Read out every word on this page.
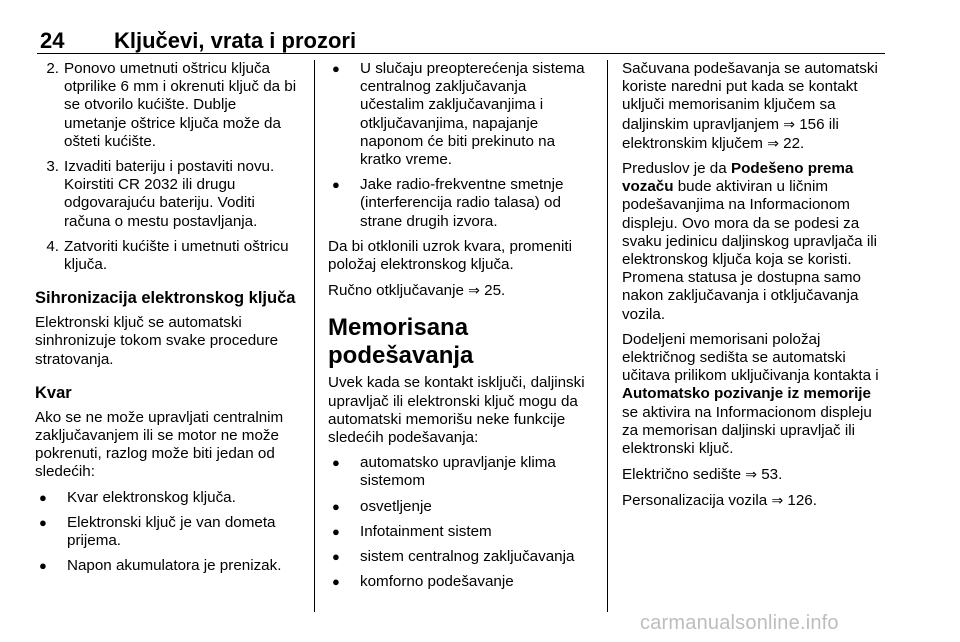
24 Ključevi, vrata i prozori
2. Ponovo umetnuti oštricu ključa otprilike 6 mm i okrenuti ključ da bi se otvorilo kućište. Dublje umetanje oštrice ključa može da ošteti kućište.
3. Izvaditi bateriju i postaviti novu. Koirstiti CR 2032 ili drugu odgovarajuću bateriju. Voditi računa o mestu postavljanja.
4. Zatvoriti kućište i umetnuti oštricu ključa.
Sihronizacija elektronskog ključa

Elektronski ključ se automatski sinhronizuje tokom svake procedure stratovanja.

Kvar

Ako se ne može upravljati centralnim zaključavanjem ili se motor ne može pokrenuti, razlog može biti jedan od sledećih:

●	Kvar elektronskog ključa.
●	Elektronski ključ je van dometa prijema.
●	Napon akumulatora je prenizak.
●	U slučaju preopterećenja sistema centralnog zaključavanja učestalim zaključavanjima i otključavanjima, napajanje naponom će biti prekinuto na kratko vreme.
●	Jake radio-frekventne smetnje (interferencija radio talasa) od strane drugih izvora.

Da bi otklonili uzrok kvara, promeniti položaj elektronskog ključa.

Ručno otključavanje ⇒ 25.

Memorisana podešavanja

Uvek kada se kontakt isključi, daljinski upravljač ili elektronski ključ mogu da automatski memorišu neke funkcije sledećih podešavanja:

●	automatsko upravljanje klima sistemom
●	osvetljenje
●	Infotainment sistem
●	sistem centralnog zaključavanja
●	komforno podešavanje

Sačuvana podešavanja se automatski koriste naredni put kada se kontakt uključi memorisanim ključem sa daljinskim upravljanjem ⇒ 156 ili elektronskim ključem ⇒ 22.

Preduslov je da Podešeno prema vozaču bude aktiviran u ličnim podešavanjima na Informacionom displeju. Ovo mora da se podesi za svaku jedinicu daljinskog upravljača ili elektronskog ključa koja se koristi. Promena statusa je dostupna samo nakon zaključavanja i otključavanja vozila.

Dodeljeni memorisani položaj električnog sedišta se automatski učitava prilikom uključivanja kontakta i Automatsko pozivanje iz memorije se aktivira na Informacionom displeju za memorisan daljinski upravljač ili elektronski ključ.

Električno sedište ⇒ 53.

Personalizacija vozila ⇒ 126.

carmanualsonline.info
